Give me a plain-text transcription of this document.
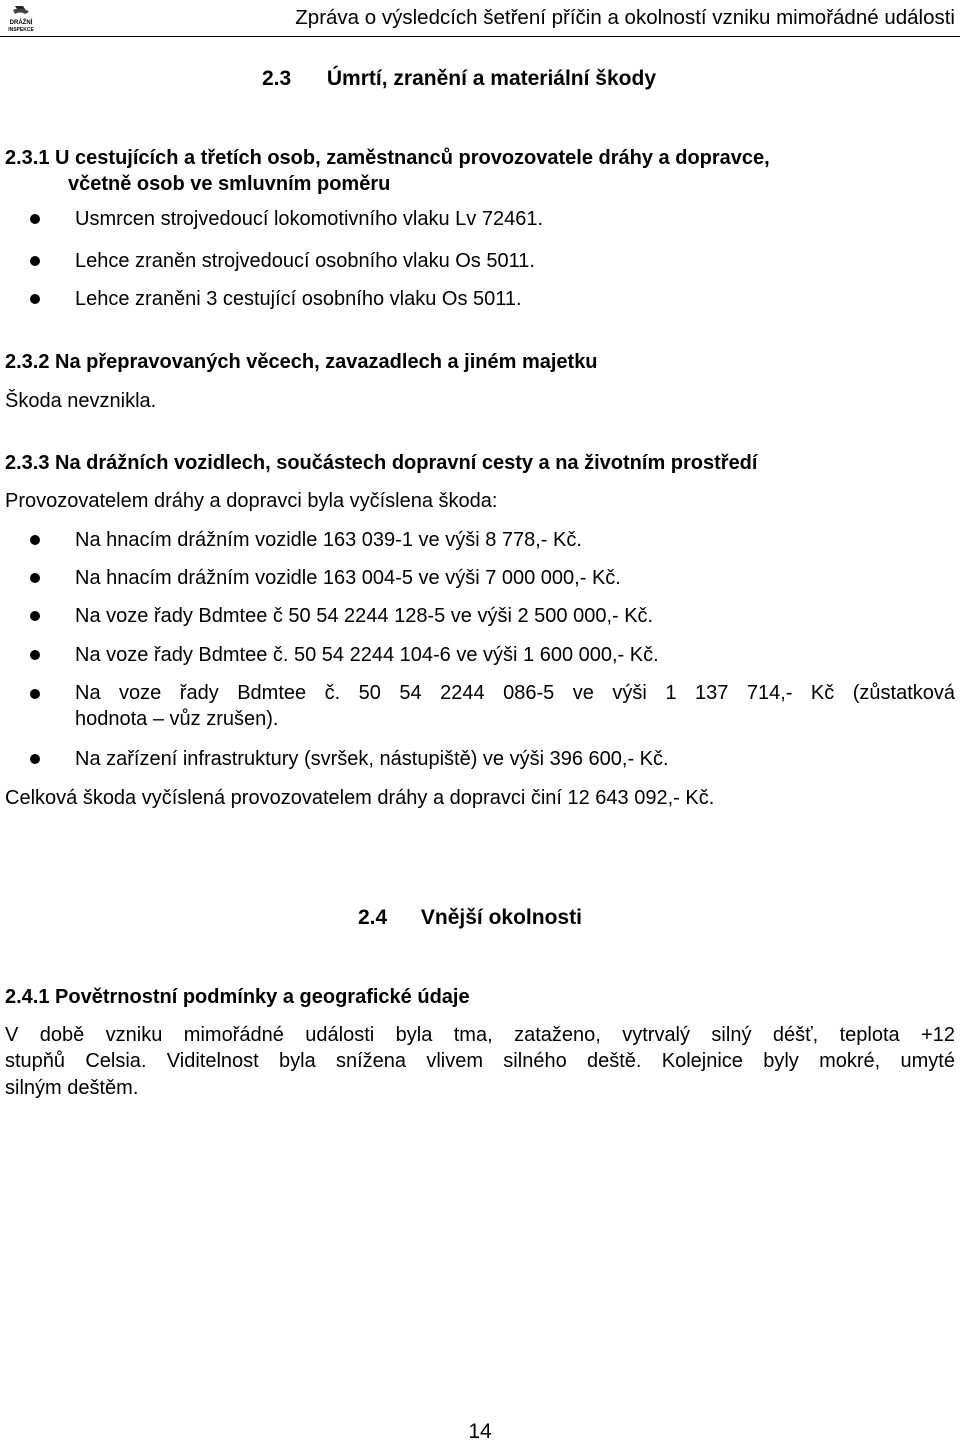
DRÁŽNÍ
INSPEKCE
Zpráva o výsledcích šetření příčin a okolností vzniku mimořádné události
2.3 Úmrtí, zranění a materiální škody
2.3.1 U cestujících a třetích osob, zaměstnanců provozovatele dráhy a dopravce,
včetně osob ve smluvním poměru
Usmrcen strojvedoucí lokomotivního vlaku Lv 72461.
Lehce zraněn strojvedoucí osobního vlaku Os 5011.
Lehce zraněni 3 cestující osobního vlaku Os 5011.
2.3.2 Na přepravovaných věcech, zavazadlech a jiném majetku
Škoda nevznikla.
2.3.3 Na drážních vozidlech, součástech dopravní cesty a na životním prostředí
Provozovatelem dráhy a dopravci byla vyčíslena škoda:
Na hnacím drážním vozidle 163 039-1 ve výši 8 778,- Kč.
Na hnacím drážním vozidle 163 004-5 ve výši 7 000 000,- Kč.
Na voze řady Bdmtee č 50 54 2244 128-5 ve výši 2 500 000,- Kč.
Na voze řady Bdmtee č. 50 54 2244 104-6 ve výši 1 600 000,- Kč.
Na voze řady Bdmtee č. 50 54 2244 086-5 ve výši 1 137 714,- Kč (zůstatková
hodnota – vůz zrušen).
Na zařízení infrastruktury (svršek, nástupiště) ve výši 396 600,- Kč.
Celková škoda vyčíslená provozovatelem dráhy a dopravci činí 12 643 092,- Kč.
2.4 Vnější okolnosti
2.4.1 Povětrnostní podmínky a geografické údaje
V době vzniku mimořádné události byla tma, zataženo, vytrvalý silný déšť, teplota +12
stupňů Celsia. Viditelnost byla snížena vlivem silného deště. Kolejnice byly mokré, umyté
silným deštěm.
14
